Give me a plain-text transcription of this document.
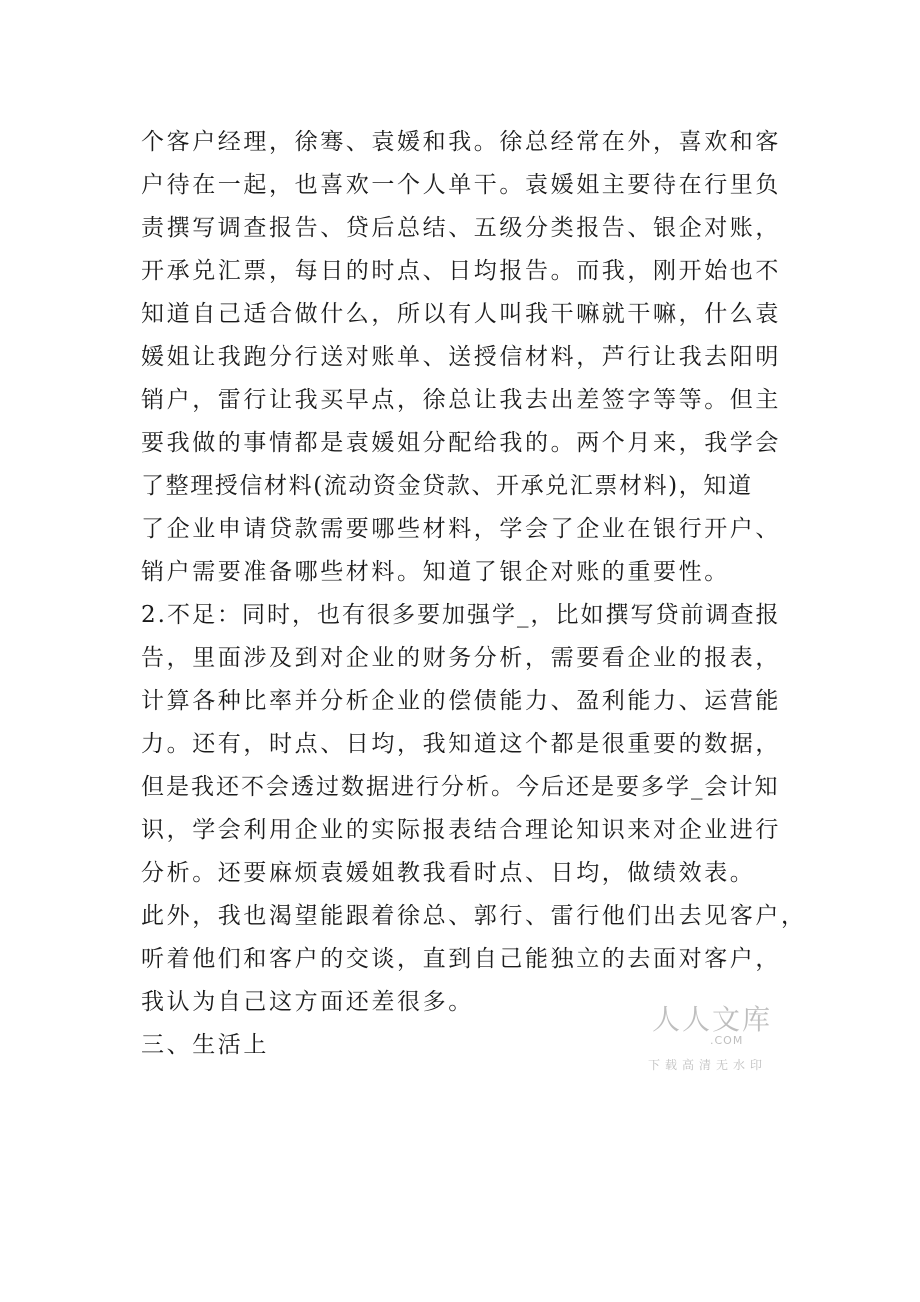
个客户经理，徐骞、袁媛和我。徐总经常在外，喜欢和客
户待在一起，也喜欢一个人单干。袁媛姐主要待在行里负
责撰写调查报告、贷后总结、五级分类报告、银企对账，
开承兑汇票，每日的时点、日均报告。而我，刚开始也不
知道自己适合做什么，所以有人叫我干嘛就干嘛，什么袁
媛姐让我跑分行送对账单、送授信材料，芦行让我去阳明
销户，雷行让我买早点，徐总让我去出差签字等等。但主
要我做的事情都是袁媛姐分配给我的。两个月来，我学会
了整理授信材料(流动资金贷款、开承兑汇票材料)，知道
了企业申请贷款需要哪些材料，学会了企业在银行开户、
销户需要准备哪些材料。知道了银企对账的重要性。
2.不足：同时，也有很多要加强学_，比如撰写贷前调查报
告，里面涉及到对企业的财务分析，需要看企业的报表，
计算各种比率并分析企业的偿债能力、盈利能力、运营能
力。还有，时点、日均，我知道这个都是很重要的数据，
但是我还不会透过数据进行分析。今后还是要多学_会计知
识，学会利用企业的实际报表结合理论知识来对企业进行
分析。还要麻烦袁媛姐教我看时点、日均，做绩效表。
此外，我也渴望能跟着徐总、郭行、雷行他们出去见客户，
听着他们和客户的交谈，直到自己能独立的去面对客户，
我认为自己这方面还差很多。
三、生活上
人人文库
.COM
下载高清无水印
